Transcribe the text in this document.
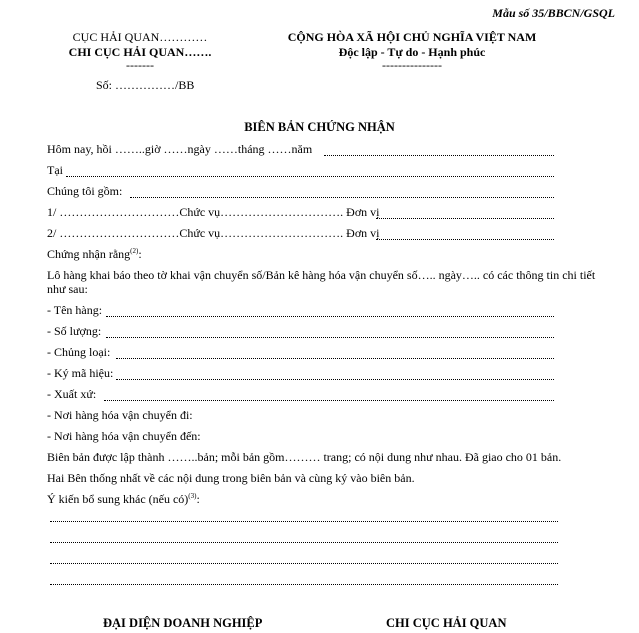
Mẫu số 35/BBCN/GSQL
CỤC HẢI QUAN…………
CHI CỤC HẢI QUAN…….
-------
Số: ……………/BB
CỘNG HÒA XÃ HỘI CHỦ NGHĨA VIỆT NAM
Độc lập - Tự do - Hạnh phúc
---------------
BIÊN BẢN CHỨNG NHẬN
Hôm nay, hồi ……..giờ ……ngày ……tháng ……năm
Tại
Chúng tôi gồm:
1/ …………………………Chức vụ…………………………. Đơn vị
2/ …………………………Chức vụ…………………………. Đơn vị
Chứng nhận rằng$^{(2)}$:
Lô hàng khai báo theo tờ khai vận chuyển số/Bản kê hàng hóa vận chuyển số….. ngày….. có các thông tin chi tiết
như sau:
- Tên hàng:
- Số lượng:
- Chủng loại:
- Ký mã hiệu:
- Xuất xứ:
- Nơi hàng hóa vận chuyển đi:
- Nơi hàng hóa vận chuyển đến:
Biên bản được lập thành ……..bản; mỗi bản gồm……… trang; có nội dung như nhau. Đã giao cho 01 bản.
Hai Bên thống nhất về các nội dung trong biên bản và cùng ký vào biên bản.
Ý kiến bổ sung khác (nếu có)$^{(3)}$:
ĐẠI DIỆN DOANH NGHIỆP	CHI CỤC HẢI QUAN
